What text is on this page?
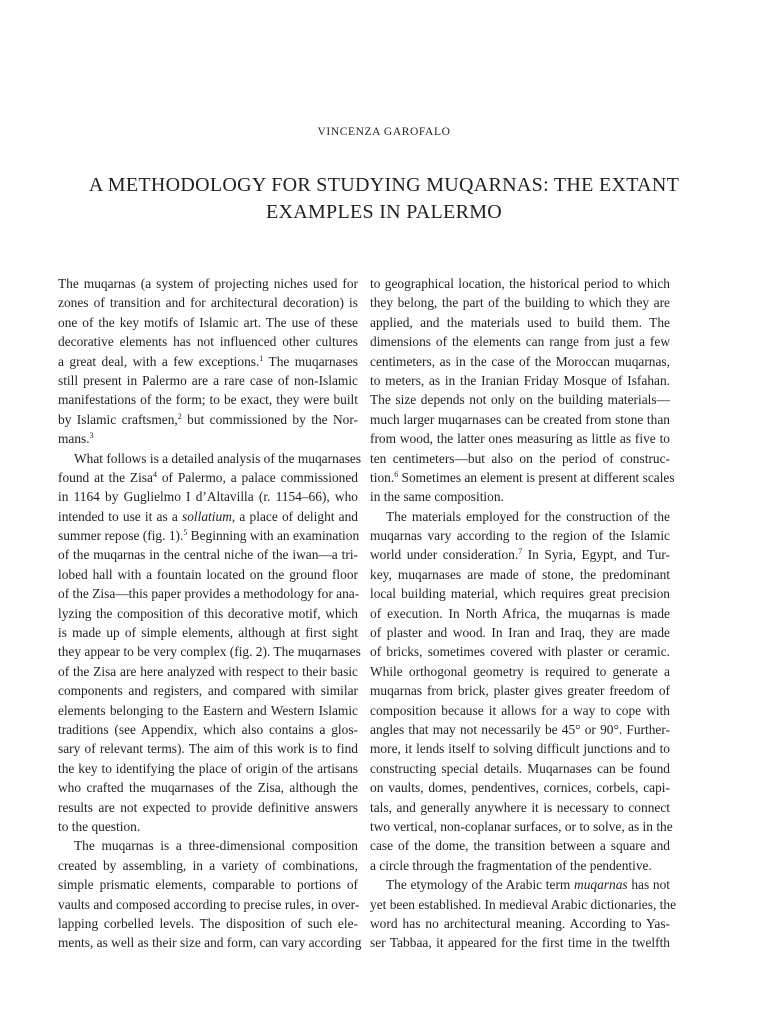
VINCENZA GAROFALO
A METHODOLOGY FOR STUDYING MUQARNAS: THE EXTANT
EXAMPLES IN PALERMO
The muqarnas (a system of projecting niches used for
zones of transition and for architectural decoration) is
one of the key motifs of Islamic art. The use of these
decorative elements has not influenced other cultures
a great deal, with a few exceptions.$^1$ The muqarnases
still present in Palermo are a rare case of non-Islamic
manifestations of the form; to be exact, they were built
by Islamic craftsmen,$^2$ but commissioned by the Nor-
mans.$^3$
What follows is a detailed analysis of the muqarnases
found at the Zisa$^4$ of Palermo, a palace commissioned
in 1164 by Guglielmo I d’Altavilla (r. 1154–66), who
intended to use it as a sollatium, a place of delight and
summer repose (fig. 1).$^5$ Beginning with an examination
of the muqarnas in the central niche of the iwan—a tri-
lobed hall with a fountain located on the ground floor
of the Zisa—this paper provides a methodology for ana-
lyzing the composition of this decorative motif, which
is made up of simple elements, although at first sight
they appear to be very complex (fig. 2). The muqarnases
of the Zisa are here analyzed with respect to their basic
components and registers, and compared with similar
elements belonging to the Eastern and Western Islamic
traditions (see Appendix, which also contains a glos-
sary of relevant terms). The aim of this work is to find
the key to identifying the place of origin of the artisans
who crafted the muqarnases of the Zisa, although the
results are not expected to provide definitive answers
to the question.
The muqarnas is a three-dimensional composition
created by assembling, in a variety of combinations,
simple prismatic elements, comparable to portions of
vaults and composed according to precise rules, in over-
lapping corbelled levels. The disposition of such ele-
ments, as well as their size and form, can vary according
to geographical location, the historical period to which
they belong, the part of the building to which they are
applied, and the materials used to build them. The
dimensions of the elements can range from just a few
centimeters, as in the case of the Moroccan muqarnas,
to meters, as in the Iranian Friday Mosque of Isfahan.
The size depends not only on the building materials—
much larger muqarnases can be created from stone than
from wood, the latter ones measuring as little as five to
ten centimeters—but also on the period of construc-
tion.$^6$ Sometimes an element is present at different scales
in the same composition.
The materials employed for the construction of the
muqarnas vary according to the region of the Islamic
world under consideration.$^7$ In Syria, Egypt, and Tur-
key, muqarnases are made of stone, the predominant
local building material, which requires great precision
of execution. In North Africa, the muqarnas is made
of plaster and wood. In Iran and Iraq, they are made
of bricks, sometimes covered with plaster or ceramic.
While orthogonal geometry is required to generate a
muqarnas from brick, plaster gives greater freedom of
composition because it allows for a way to cope with
angles that may not necessarily be 45° or 90°. Further-
more, it lends itself to solving difficult junctions and to
constructing special details. Muqarnases can be found
on vaults, domes, pendentives, cornices, corbels, capi-
tals, and generally anywhere it is necessary to connect
two vertical, non-coplanar surfaces, or to solve, as in the
case of the dome, the transition between a square and
a circle through the fragmentation of the pendentive.
The etymology of the Arabic term muqarnas has not
yet been established. In medieval Arabic dictionaries, the
word has no architectural meaning. According to Yas-
ser Tabbaa, it appeared for the first time in the twelfth
